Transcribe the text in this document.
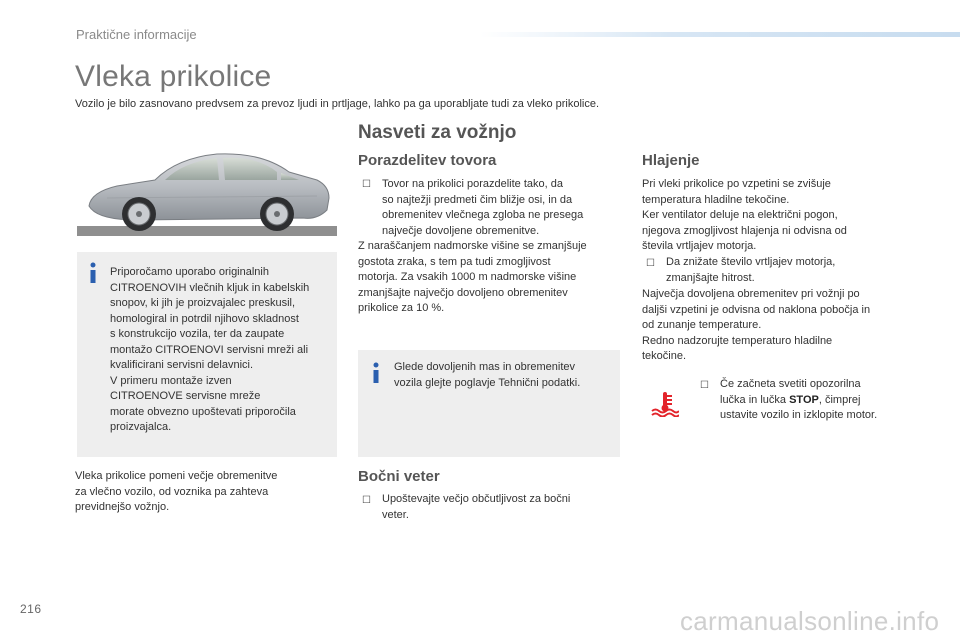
Praktične informacije
Vleka prikolice
Vozilo je bilo zasnovano predvsem za prevoz ljudi in prtljage, lahko pa ga uporabljate tudi za vleko prikolice.
Priporočamo uporabo originalnih
CITROENOVIH vlečnih kljuk in kabelskih
snopov, ki jih je proizvajalec preskusil,
homologiral in potrdil njihovo skladnost
s konstrukcijo vozila, ter da zaupate
montažo CITROENOVI servisni mreži ali
kvalificirani servisni delavnici.
V primeru montaže izven
CITROENOVE servisne mreže
morate obvezno upoštevati priporočila
proizvajalca.
Vleka prikolice pomeni večje obremenitve
za vlečno vozilo, od voznika pa zahteva
previdnejšo vožnjo.
Nasveti za vožnjo
Porazdelitev tovora
☐ Tovor na prikolici porazdelite tako, da
so najtežji predmeti čim bližje osi, in da
obremenitev vlečnega zgloba ne presega
največje dovoljene obremenitve.
Z naraščanjem nadmorske višine se zmanjšuje
gostota zraka, s tem pa tudi zmogljivost
motorja. Za vsakih 1000 m nadmorske višine
zmanjšajte največjo dovoljeno obremenitev
prikolice za 10 %.
Glede dovoljenih mas in obremenitev
vozila glejte poglavje Tehnični podatki.
Bočni veter
☐ Upoštevajte večjo občutljivost za bočni
veter.
Hlajenje
Pri vleki prikolice po vzpetini se zvišuje
temperatura hladilne tekočine.
Ker ventilator deluje na električni pogon,
njegova zmogljivost hlajenja ni odvisna od
števila vrtljajev motorja.
☐ Da znižate število vrtljajev motorja,
zmanjšajte hitrost.
Največja dovoljena obremenitev pri vožnji po
daljši vzpetini je odvisna od naklona pobočja in
od zunanje temperature.
Redno nadzorujte temperaturo hladilne
tekočine.
☐ Če začneta svetiti opozorilna
lučka in lučka STOP, čimprej
ustavite vozilo in izklopite motor.
216	carmanualsonline.info
